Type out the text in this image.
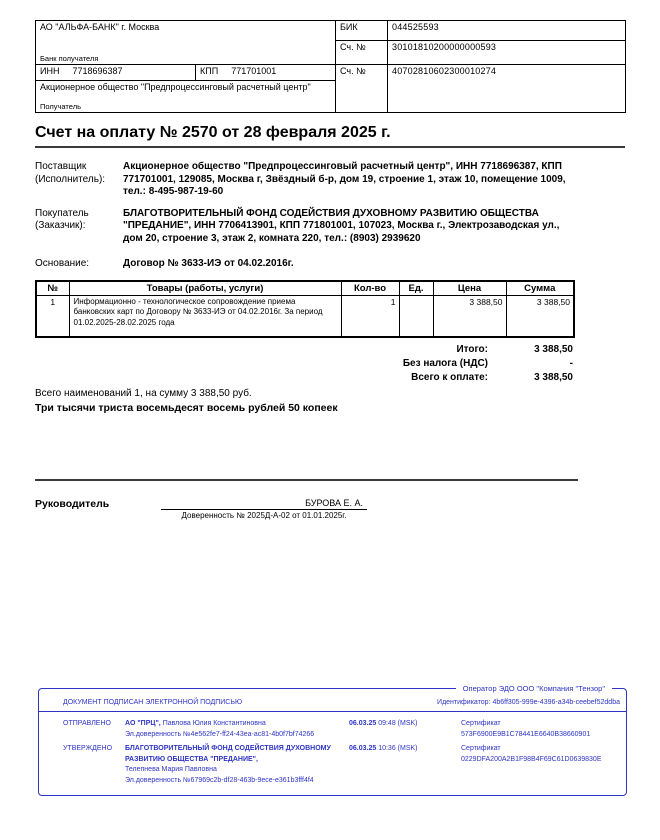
АО "АЛЬФА-БАНК" г. Москва
Банк получателя		БИК	044525593
		Сч. №	30101810200000000593
ИНН 7718696387	КПП 771701001	Сч. №	40702810602300010274

Акционерное общество "Предпроцессинговый расчетный центр"
Получатель			
Счет на оплату № 2570 от 28 февраля 2025 г.
Поставщик
(Исполнитель):
Акционерное общество "Предпроцессинговый расчетный центр", ИНН 7718696387, КПП 771701001, 129085, Москва г, Звёздный б-р, дом 19, строение 1, этаж 10, помещение 1009, тел.: 8-495-987-19-60
Покупатель
(Заказчик):
БЛАГОТВОРИТЕЛЬНЫЙ ФОНД СОДЕЙСТВИЯ ДУХОВНОМУ РАЗВИТИЮ ОБЩЕСТВА "ПРЕДАНИЕ", ИНН 7706413901, КПП 771801001, 107023, Москва г., Электрозаводская ул., дом 20, строение 3, этаж 2, комната 220, тел.: (8903) 2939620
Основание:	Договор № 3633-ИЭ от 04.02.2016г.
№	Товары (работы, услуги)	Кол-во	Ед.	Цена	Сумма
1	Информационно - технологическое сопровождение приема банковских карт по Договору № 3633-ИЭ от 04.02.2016г. За период 01.02.2025-28.02.2025 года	1		3 388,50	3 388,50
Итого:	3 388,50
Без налога (НДС)	-
Всего к оплате:	3 388,50
Всего наименований 1, на сумму 3 388,50 руб.
Три тысячи триста восемьдесят восемь рублей 50 копеек
Руководитель	БУРОВА Е. А.
Доверенность № 2025Д-А-02 от 01.01.2025г.
Оператор ЭДО ООО "Компания "Тензор"
ДОКУМЕНТ ПОДПИСАН ЭЛЕКТРОННОЙ ПОДПИСЬЮ	Идентификатор: 4b6ff305-999e-4396-a34b-ceebef52ddba
ОТПРАВЛЕНО	АО "ПРЦ", Павлова Юлия Константиновна
Эл.доверенность №4e562fe7-ff24-43ea-ac81-4b0f7bf74266
06.03.25 09:48 (MSK)	Сертификат 573F6900E9B1C78441E6640B38660901
УТВЕРЖДЕНО	БЛАГОТВОРИТЕЛЬНЫЙ ФОНД СОДЕЙСТВИЯ ДУХОВНОМУ РАЗВИТИЮ ОБЩЕСТВА "ПРЕДАНИЕ",
Телепнева Мария Павловна
Эл.доверенность №67969c2b-df28-463b-9ece-e361b3fff4f4
06.03.25 10:36 (MSK)	Сертификат 0229DFA200A2B1F98B4F69C61D0639830E
